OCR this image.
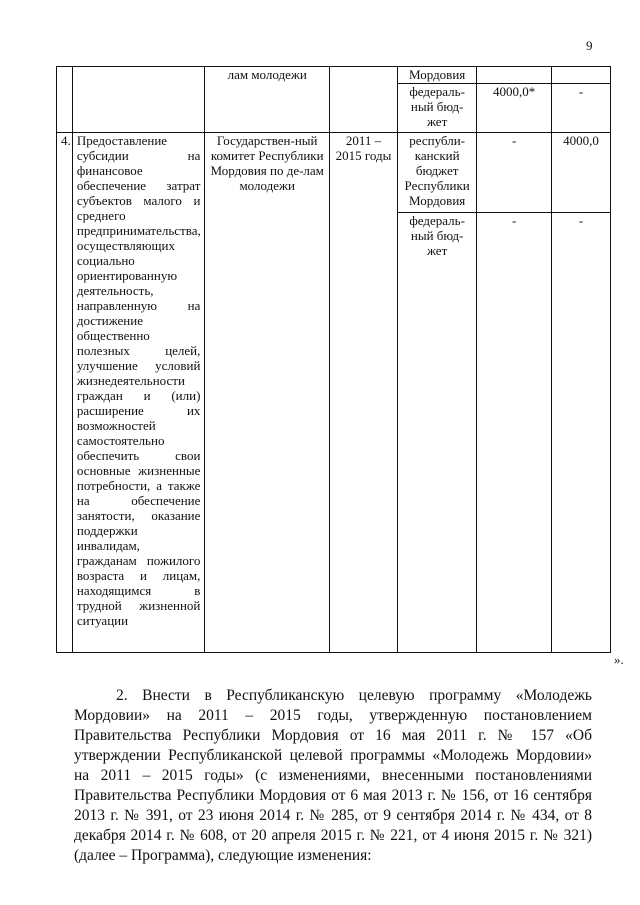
9
		лам молодежи		Мордовия		
				федераль-ный бюд-жет	4000,0*	-
4.	Предоставление субсидии на финансовое обеспечение затрат субъектов малого и среднего предпринимательства, осуществляющих социально ориентированную деятельность, направленную на достижение общественно полезных целей, улучшение условий жизнедеятельности граждан и (или) расширение их возможностей самостоятельно обеспечить свои основные жизненные потребности, а также на обеспечение занятости, оказание поддержки инвалидам, гражданам пожилого возраста и лицам, находящимся в трудной жизненной ситуации	Государствен-ный комитет Республики Мордовия по де-лам молодежи	2011 – 2015 годы	республи-канский бюджет Республики Мордовия	-	4000,0
				федераль-ный бюд-жет	-	-
».

2. Внести в Республиканскую целевую программу «Молодежь Мордовии» на 2011 – 2015 годы, утвержденную постановлением Правительства Республики Мордовия от 16 мая 2011 г. № 157 «Об утверждении Республиканской целевой программы «Молодежь Мордовии» на 2011 – 2015 годы» (с изменениями, внесенными постановлениями Правительства Республики Мордовия от 6 мая 2013 г. № 156, от 16 сентября 2013 г. № 391, от 23 июня 2014 г. № 285, от 9 сентября 2014 г. № 434, от 8 декабря 2014 г. № 608, от 20 апреля 2015 г. № 221, от 4 июня 2015 г. № 321) (далее – Программа), следующие изменения:
